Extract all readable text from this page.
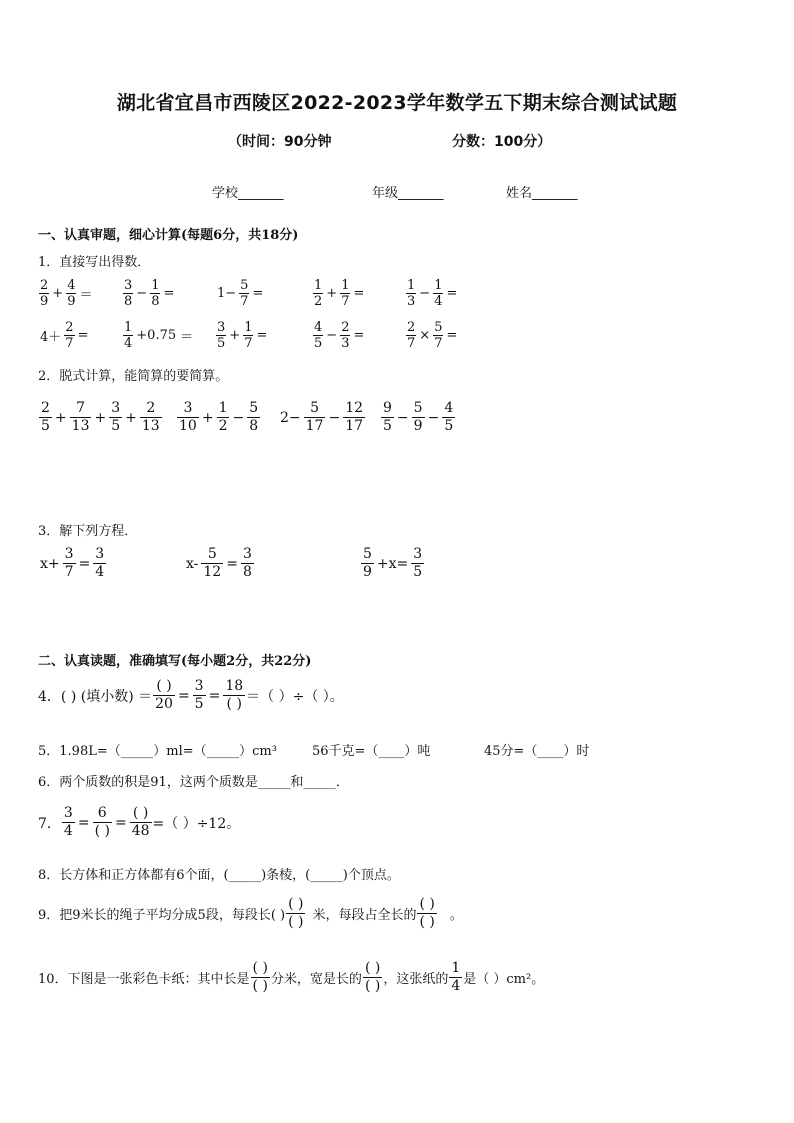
湖北省宜昌市西陵区2022-2023学年数学五下期末综合测试试题
（时间：90分钟	分数：100分）
学校_______	年级_______	姓名_______
一、认真审题，细心计算(每题6分，共18分)
1．直接写出得数．
2．脱式计算，能简算的要简算。
3．解下列方程．
二、认真读题，准确填写(每小题2分，共22分)
4．( ) (填小数) ＝
( )
20
=
3
5
=
18
( ) ＝（ ）÷（ ）。
5．1.98L=（_____）ml=（_____）cm³	56千克=（____）吨	45分=（____）时
6．两个质数的积是91，这两个质数是_____和_____．
7．
3
4
=
6
( )
=
( )
48 =（ ）÷12。
8．长方体和正方体都有6个面，(_____)条棱，(_____)个顶点。
9．把9米长的绳子平均分成5段，每段长( )
( )
( ) 米，每段占全长的
( )
( ) 。
10．下图是一张彩色卡纸：其中长是
( )
( ) 分米，宽是长的
( )
( ) ，这张纸的
1
4 是（ ）cm²。
2
9
+
4
9 ＝
3
8
−
1
8
=	1−
5
7
=
1
2
+
1
7
=
1
3
−
1
4
=
4＋
2
7
=
1
4
+0.75 ＝
3
5
+
1
7
=
4
5
−
2
3
=
2
7
×
5
7
=
2
5
+
7
13
+
3
5
+
2
13
3
10
+
1
2
−
5
8
2−
5
17
−
12
17
9
5
−
5
9
−
4
5
x+
3
7
=
3
4
x-
5
12
=
3
8
5
9
+x=
3
5
